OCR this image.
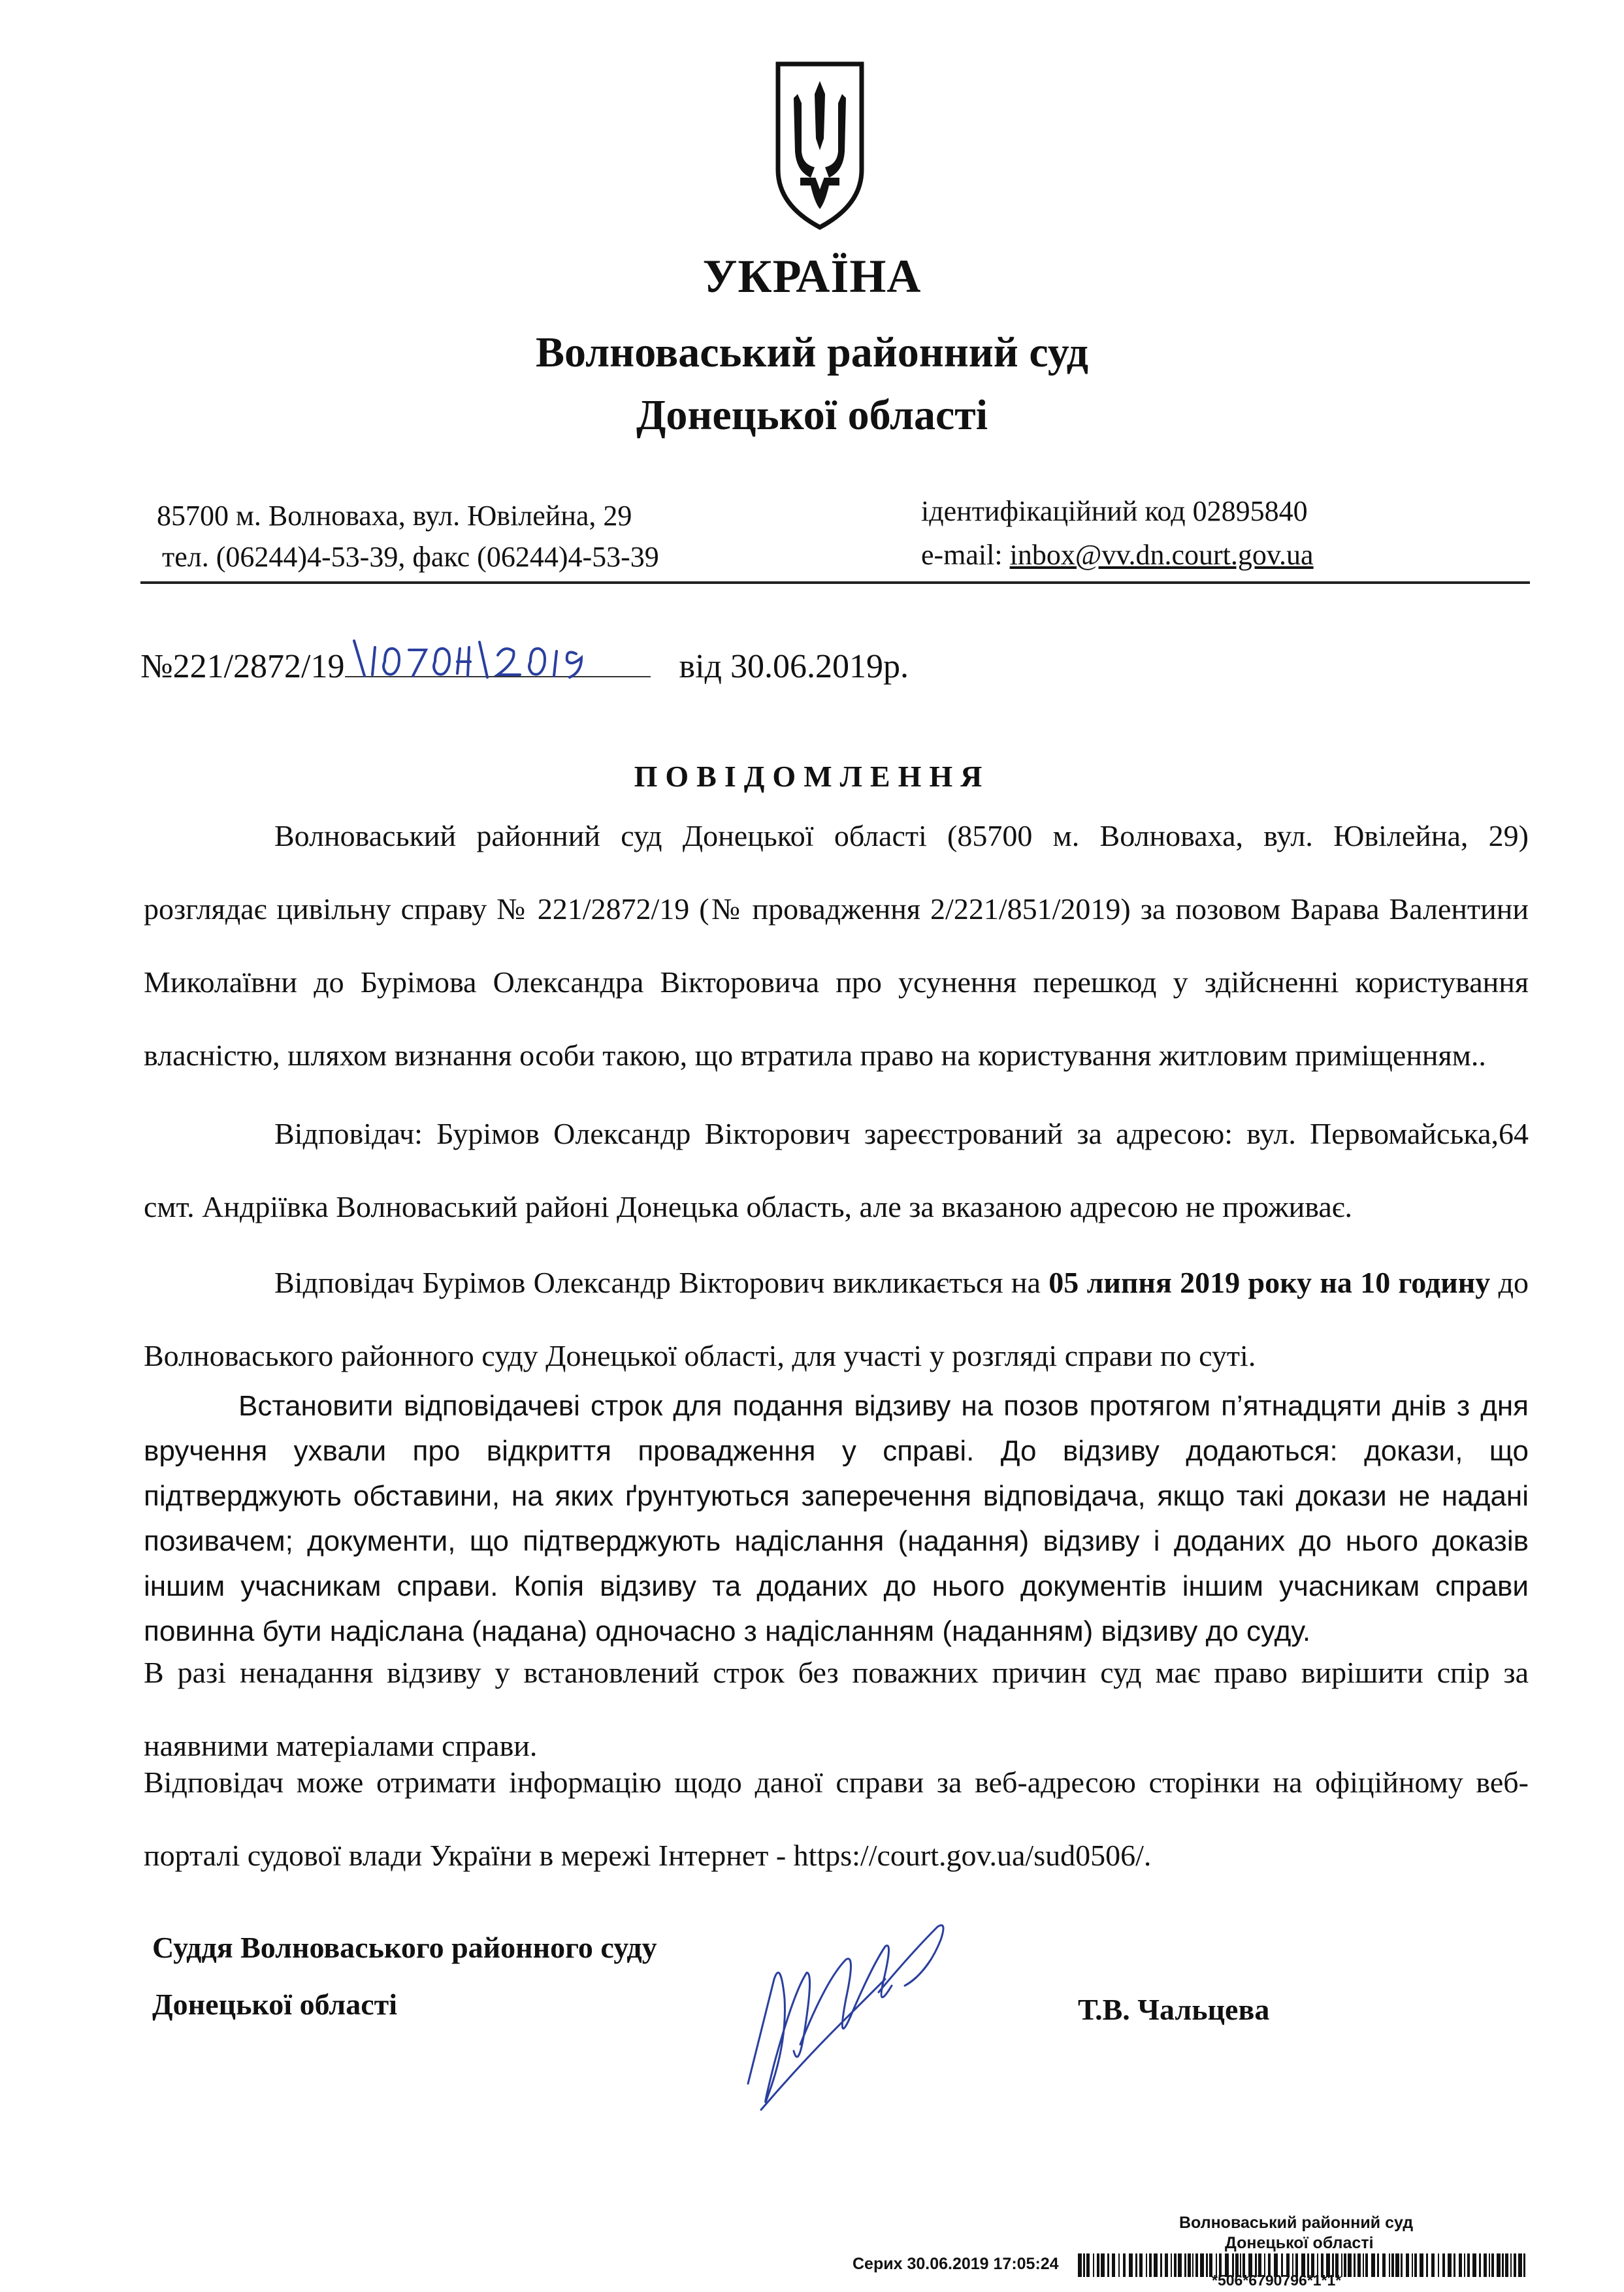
УКРАЇНА
Волноваський районний суд
Донецької області
85700 м. Волноваха, вул. Ювілейна, 29
тел. (06244)4-53-39, факс (06244)4-53-39
ідентифікаційний код 02895840
e-mail: inbox@vv.dn.court.gov.ua
№221/2872/19	від 30.06.2019р.
ПОВІДОМЛЕННЯ
Волноваський районний суд Донецької області (85700 м. Волноваха, вул. Ювілейна, 29) розглядає цивільну справу № 221/2872/19 (№ провадження 2/221/851/2019) за позовом Варава Валентини Миколаївни до Бурімова Олександра Вікторовича про усунення перешкод у здійсненні користування власністю, шляхом визнання особи такою, що втратила право на користування житловим приміщенням..
Відповідач: Бурімов Олександр Вікторович зареєстрований за адресою: вул. Первомайська,64 смт. Андріївка Волноваський районі Донецька область, але за вказаною адресою не проживає.
Відповідач Бурімов Олександр Вікторович викликається на 05 липня 2019 року на 10 годину до Волноваського районного суду Донецької області, для участі у розгляді справи по суті.
Встановити відповідачеві строк для подання відзиву на позов протягом п’ятнадцяти днів з дня вручення ухвали про відкриття провадження у справі. До відзиву додаються: докази, що підтверджують обставини, на яких ґрунтуються заперечення відповідача, якщо такі докази не надані позивачем; документи, що підтверджують надіслання (надання) відзиву і доданих до нього доказів іншим учасникам справи. Копія відзиву та доданих до нього документів іншим учасникам справи повинна бути надіслана (надана) одночасно з надісланням (наданням) відзиву до суду.
В разі ненадання відзиву у встановлений строк без поважних причин суд має право вирішити спір за наявними матеріалами справи.
Відповідач може отримати інформацію щодо даної справи за веб-адресою сторінки на офіційному веб-порталі судової влади України в мережі Інтернет - https://court.gov.ua/sud0506/.
Суддя Волноваського районного суду
Донецької області	Т.В. Чальцева
Волноваський районний суд
Донецької області
Серих 30.06.2019 17:05:24
*506*6790796*1*1*
